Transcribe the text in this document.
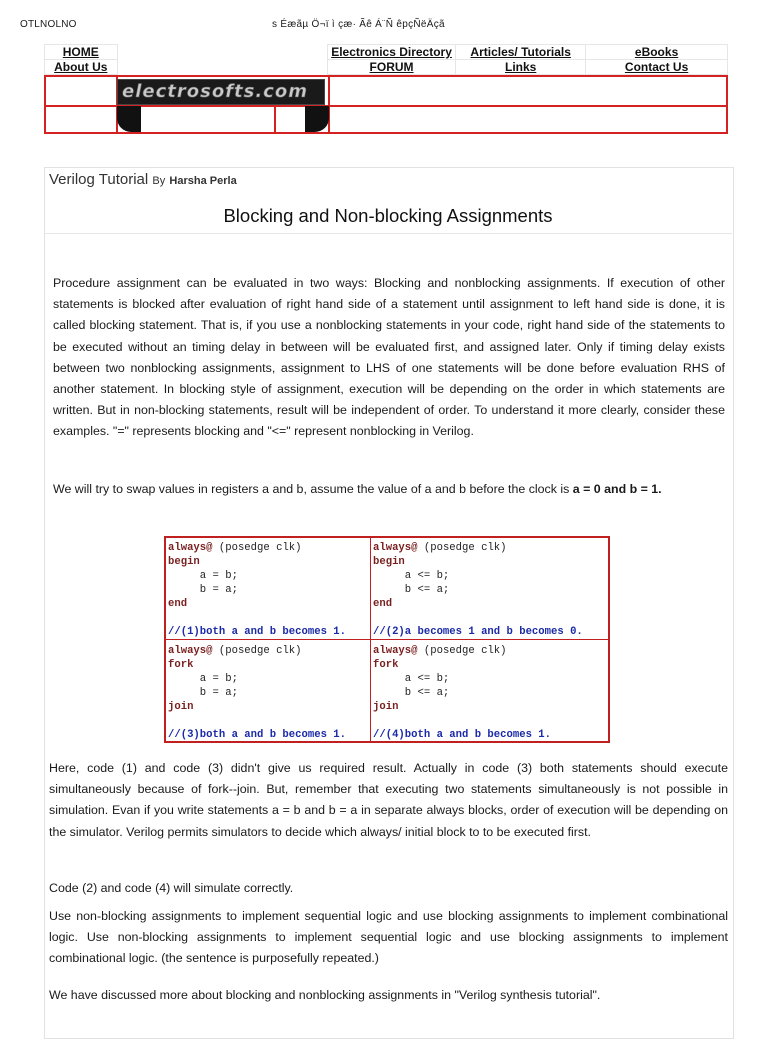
OTLNOLNO	s Éæãµ Ö¬ï ì çæ· Ãê Á¨Ñ êpçÑëÄçã
HOME		Electronics Directory	Articles/ Tutorials	eBooks
About Us		FORUM	Links	Contact Us
electrosofts.com
Verilog Tutorial By Harsha Perla
Blocking and Non-blocking Assignments

Procedure assignment can be evaluated in two ways: Blocking and nonblocking assignments. If execution of other statements is blocked after evaluation of right hand side of a statement until assignment to left hand side is done, it is called blocking statement. That is, if you use a nonblocking statements in your code, right hand side of the statements to be executed without an timing delay in between will be evaluated first, and assigned later. Only if timing delay exists between two nonblocking assignments, assignment to LHS of one statements will be done before evaluation RHS of another statement. In blocking style of assignment, execution will be depending on the order in which statements are written. But in non-blocking statements, result will be independent of order. To understand it more clearly, consider these examples. "=" represents blocking and "<=" represent nonblocking in Verilog.

We will try to swap values in registers a and b, assume the value of a and b before the clock is a = 0 and b = 1.

always@ (posedge clk)
begin
a = b;
b = a;
end

//(1)both a and b becomes 1.
always@ (posedge clk)
begin
a <= b;
b <= a;
end

//(2)a becomes 1 and b becomes 0.
always@ (posedge clk)
fork
a = b;
b = a;
join

//(3)both a and b becomes 1.
always@ (posedge clk)
fork
a <= b;
b <= a;
join

//(4)both a and b becomes 1.

Here, code (1) and code (3) didn't give us required result. Actually in code (3) both statements should execute simultaneously because of fork--join. But, remember that executing two statements simultaneously is not possible in simulation. Evan if you write statements a = b and b = a in separate always blocks, order of execution will be depending on the simulator. Verilog permits simulators to decide which always/ initial block to to be executed first.

Code (2) and code (4) will simulate correctly.

Use non-blocking assignments to implement sequential logic and use blocking assignments to implement combinational logic. Use non-blocking assignments to implement sequential logic and use blocking assignments to implement combinational logic. (the sentence is purposefully repeated.)

We have discussed more about blocking and nonblocking assignments in "Verilog synthesis tutorial".
